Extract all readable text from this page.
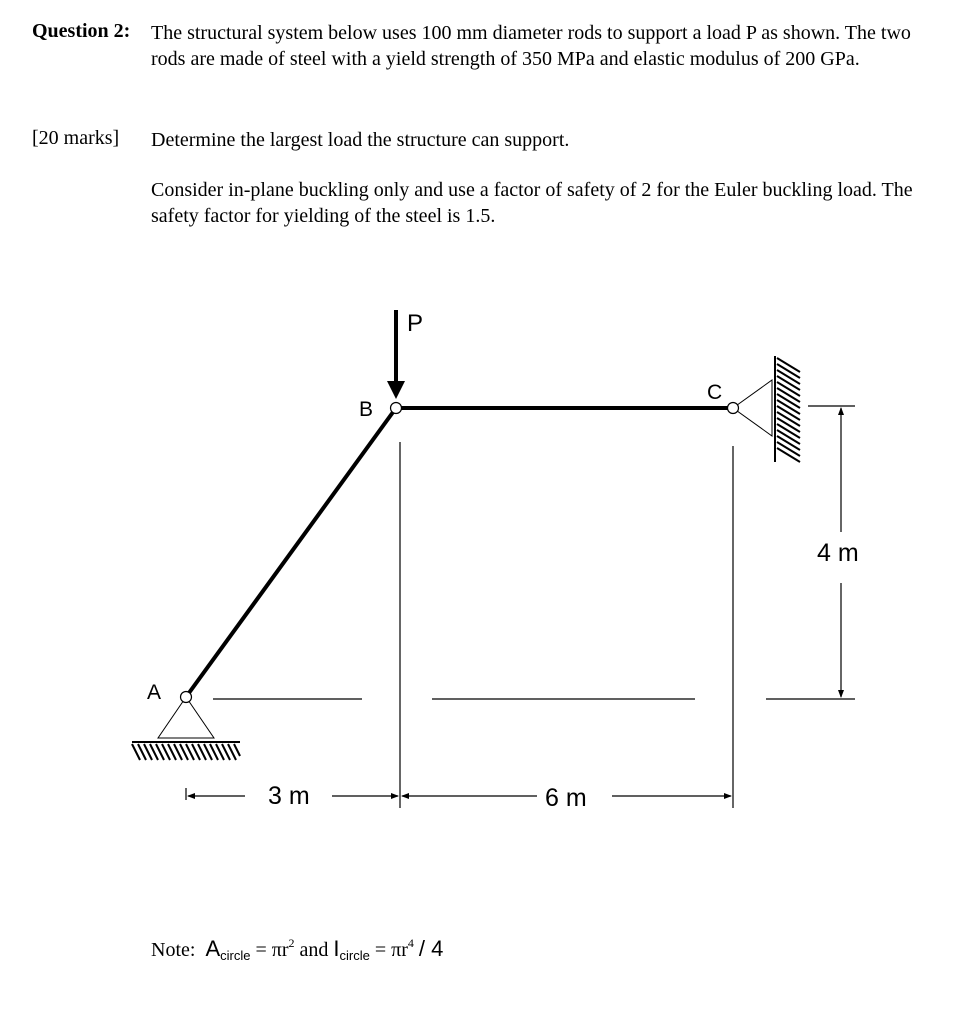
Question 2: The structural system below uses 100 mm diameter rods to support a load P as shown. The two rods are made of steel with a yield strength of 350 MPa and elastic modulus of 200 GPa.
[20 marks] Determine the largest load the structure can support.
Consider in-plane buckling only and use a factor of safety of 2 for the Euler buckling load. The safety factor for yielding of the steel is 1.5.
P
B
C
A
3 m	6 m
4 m
Note: $A_{circle} = \pi r^2$ and $I_{circle} = \pi r^4 / 4$
